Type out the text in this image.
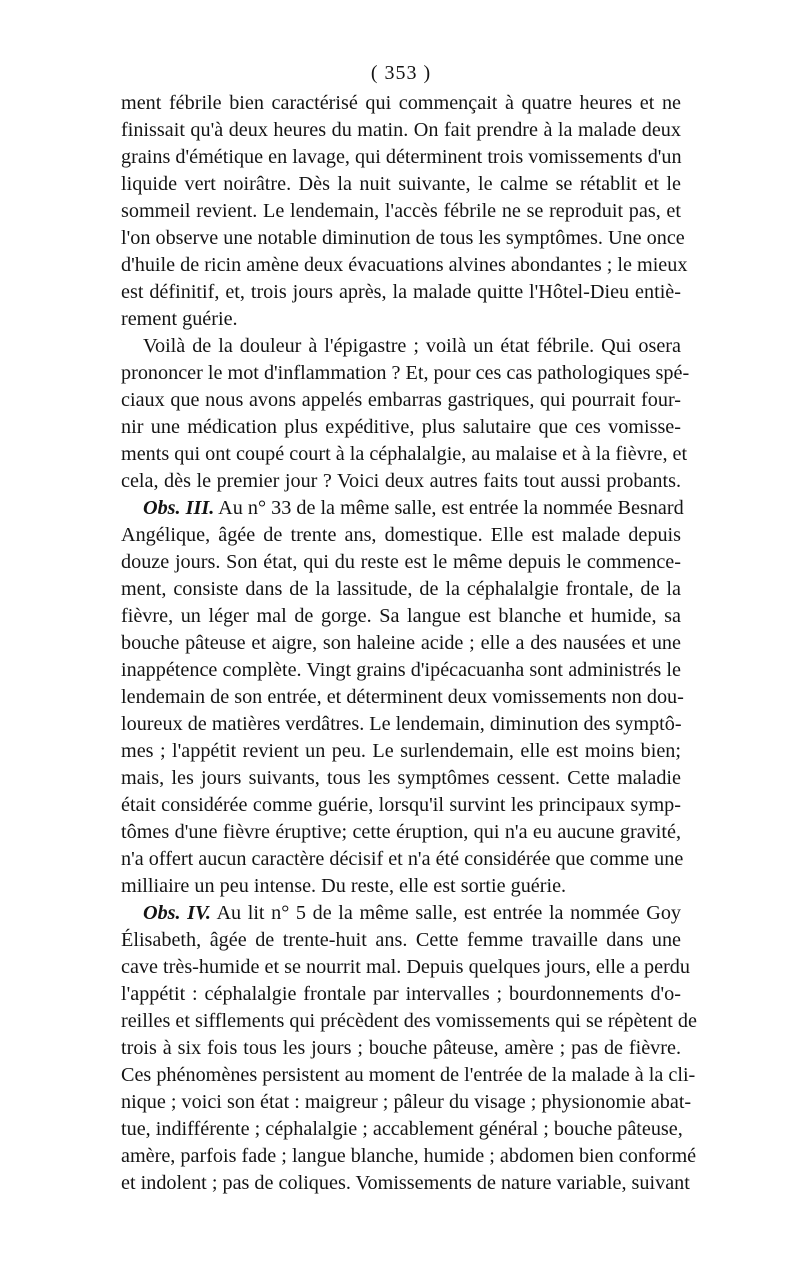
( 353 )
ment fébrile bien caractérisé qui commençait à quatre heures et ne
finissait qu'à deux heures du matin. On fait prendre à la malade deux
grains d'émétique en lavage, qui déterminent trois vomissements d'un
liquide vert noirâtre. Dès la nuit suivante, le calme se rétablit et le
sommeil revient. Le lendemain, l'accès fébrile ne se reproduit pas, et
l'on observe une notable diminution de tous les symptômes. Une once
d'huile de ricin amène deux évacuations alvines abondantes ; le mieux
est définitif, et, trois jours après, la malade quitte l'Hôtel-Dieu entiè-
rement guérie.
Voilà de la douleur à l'épigastre ; voilà un état fébrile. Qui osera
prononcer le mot d'inflammation ? Et, pour ces cas pathologiques spé-
ciaux que nous avons appelés embarras gastriques, qui pourrait four-
nir une médication plus expéditive, plus salutaire que ces vomisse-
ments qui ont coupé court à la céphalalgie, au malaise et à la fièvre, et
cela, dès le premier jour ? Voici deux autres faits tout aussi probants.
Obs. III. Au n° 33 de la même salle, est entrée la nommée Besnard
Angélique, âgée de trente ans, domestique. Elle est malade depuis
douze jours. Son état, qui du reste est le même depuis le commence-
ment, consiste dans de la lassitude, de la céphalalgie frontale, de la
fièvre, un léger mal de gorge. Sa langue est blanche et humide, sa
bouche pâteuse et aigre, son haleine acide ; elle a des nausées et une
inappétence complète. Vingt grains d'ipécacuanha sont administrés le
lendemain de son entrée, et déterminent deux vomissements non dou-
loureux de matières verdâtres. Le lendemain, diminution des symptô-
mes ; l'appétit revient un peu. Le surlendemain, elle est moins bien;
mais, les jours suivants, tous les symptômes cessent. Cette maladie
était considérée comme guérie, lorsqu'il survint les principaux symp-
tômes d'une fièvre éruptive; cette éruption, qui n'a eu aucune gravité,
n'a offert aucun caractère décisif et n'a été considérée que comme une
milliaire un peu intense. Du reste, elle est sortie guérie.
Obs. IV. Au lit n° 5 de la même salle, est entrée la nommée Goy
Élisabeth, âgée de trente-huit ans. Cette femme travaille dans une
cave très-humide et se nourrit mal. Depuis quelques jours, elle a perdu
l'appétit : céphalalgie frontale par intervalles ; bourdonnements d'o-
reilles et sifflements qui précèdent des vomissements qui se répètent de
trois à six fois tous les jours ; bouche pâteuse, amère ; pas de fièvre.
Ces phénomènes persistent au moment de l'entrée de la malade à la cli-
nique ; voici son état : maigreur ; pâleur du visage ; physionomie abat-
tue, indifférente ; céphalalgie ; accablement général ; bouche pâteuse,
amère, parfois fade ; langue blanche, humide ; abdomen bien conformé
et indolent ; pas de coliques. Vomissements de nature variable, suivant
